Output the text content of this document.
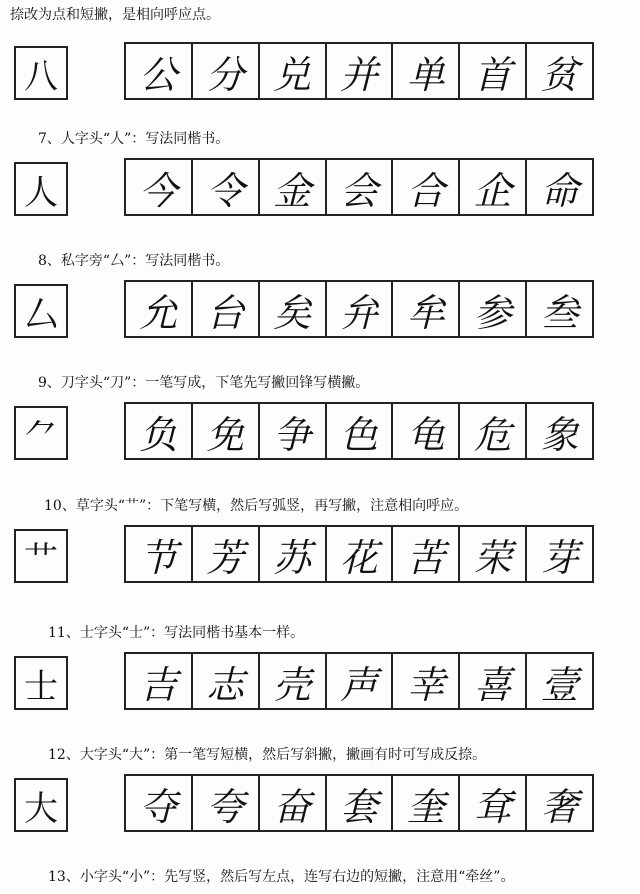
捺改为点和短撇，是相向呼应点。
八	公 分 兑 并 单 首 贫
7、人字头“人”：写法同楷书。
人	今 令 金 会 合 企 命
8、私字旁“厶”：写法同楷书。
厶	允 台 矣 弁 牟 参 叁
9、刀字头“刀”：一笔写成，下笔先写撇回锋写横撇。
⺈	负 免 争 色 龟 危 象
10、草字头“艹”：下笔写横，然后写弧竖，再写撇，注意相向呼应。
艹	节 芳 苏 花 苦 荣 芽
11、士字头“士”：写法同楷书基本一样。
士	吉 志 壳 声 幸 喜 壹
12、大字头“大”：第一笔写短横，然后写斜撇，撇画有时可写成反捺。
大	夺 夸 奋 套 奎 耷 奢
13、小字头“小”：先写竖，然后写左点，连写右边的短撇，注意用“牵丝”。
